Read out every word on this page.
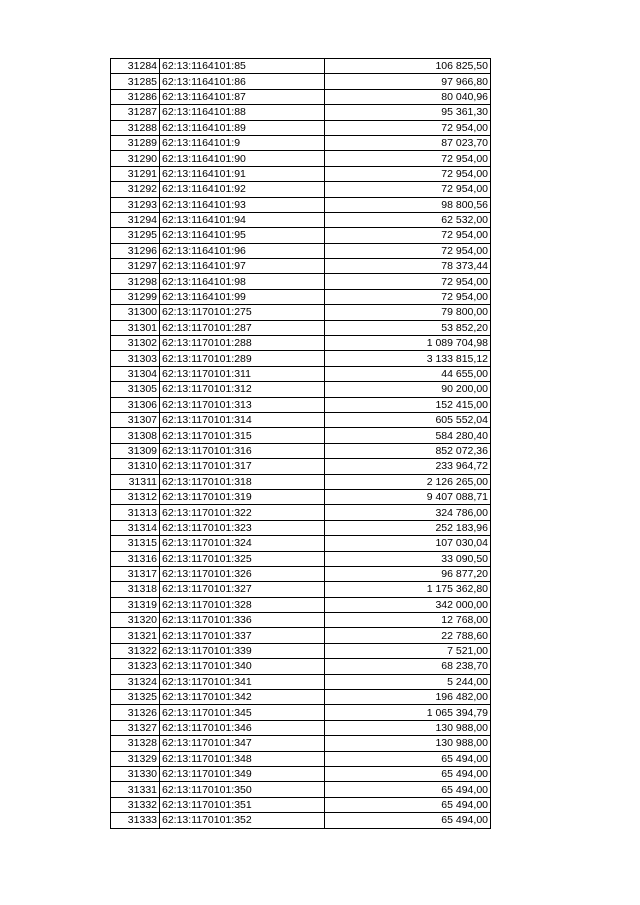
31284	62:13:1164101:85	106 825,50
31285	62:13:1164101:86	97 966,80
31286	62:13:1164101:87	80 040,96
31287	62:13:1164101:88	95 361,30
31288	62:13:1164101:89	72 954,00
31289	62:13:1164101:9	87 023,70
31290	62:13:1164101:90	72 954,00
31291	62:13:1164101:91	72 954,00
31292	62:13:1164101:92	72 954,00
31293	62:13:1164101:93	98 800,56
31294	62:13:1164101:94	62 532,00
31295	62:13:1164101:95	72 954,00
31296	62:13:1164101:96	72 954,00
31297	62:13:1164101:97	78 373,44
31298	62:13:1164101:98	72 954,00
31299	62:13:1164101:99	72 954,00
31300	62:13:1170101:275	79 800,00
31301	62:13:1170101:287	53 852,20
31302	62:13:1170101:288	1 089 704,98
31303	62:13:1170101:289	3 133 815,12
31304	62:13:1170101:311	44 655,00
31305	62:13:1170101:312	90 200,00
31306	62:13:1170101:313	152 415,00
31307	62:13:1170101:314	605 552,04
31308	62:13:1170101:315	584 280,40
31309	62:13:1170101:316	852 072,36
31310	62:13:1170101:317	233 964,72
31311	62:13:1170101:318	2 126 265,00
31312	62:13:1170101:319	9 407 088,71
31313	62:13:1170101:322	324 786,00
31314	62:13:1170101:323	252 183,96
31315	62:13:1170101:324	107 030,04
31316	62:13:1170101:325	33 090,50
31317	62:13:1170101:326	96 877,20
31318	62:13:1170101:327	1 175 362,80
31319	62:13:1170101:328	342 000,00
31320	62:13:1170101:336	12 768,00
31321	62:13:1170101:337	22 788,60
31322	62:13:1170101:339	7 521,00
31323	62:13:1170101:340	68 238,70
31324	62:13:1170101:341	5 244,00
31325	62:13:1170101:342	196 482,00
31326	62:13:1170101:345	1 065 394,79
31327	62:13:1170101:346	130 988,00
31328	62:13:1170101:347	130 988,00
31329	62:13:1170101:348	65 494,00
31330	62:13:1170101:349	65 494,00
31331	62:13:1170101:350	65 494,00
31332	62:13:1170101:351	65 494,00
31333	62:13:1170101:352	65 494,00
